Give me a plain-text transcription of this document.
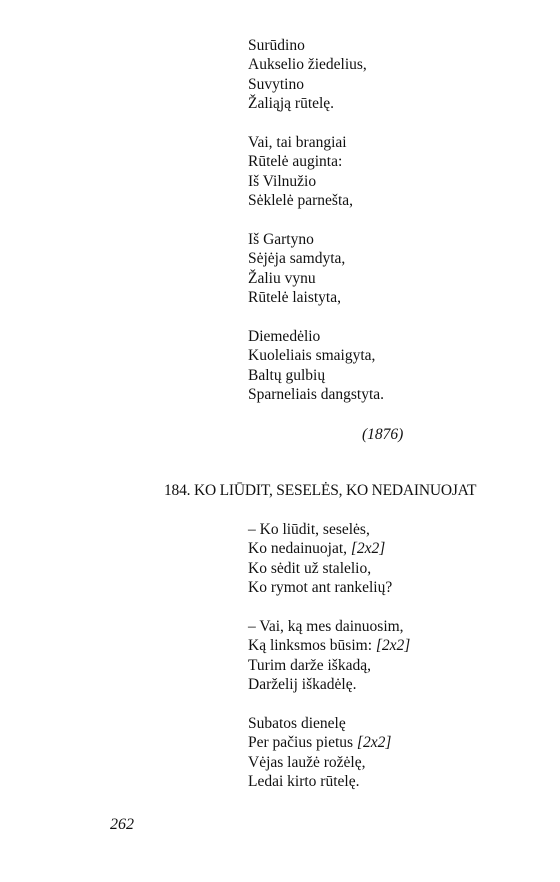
Surūdino
Aukselio žiedelius,
Suvytino
Žaliąją rūtelę.
Vai, tai brangiai
Rūtelė auginta:
Iš Vilnužio
Sėklelė parnešta,
Iš Gartyno
Sėjėja samdyta,
Žaliu vynu
Rūtelė laistyta,
Diemedėlio
Kuoleliais smaigyta,
Baltų gulbių
Sparneliais dangstyta.
(1876)
184. KO LIŪDIT, SESELĖS, KO NEDAINUOJAT
– Ko liūdit, seselės,
Ko nedainuojat, [2x2]
Ko sėdit už stalelio,
Ko rymot ant rankelių?
– Vai, ką mes dainuosim,
Ką linksmos būsim: [2x2]
Turim darže iškadą,
Darželij iškadėlę.
Subatos dienelę
Per pačius pietus [2x2]
Vėjas laužė rožėlę,
Ledai kirto rūtelę.
262
